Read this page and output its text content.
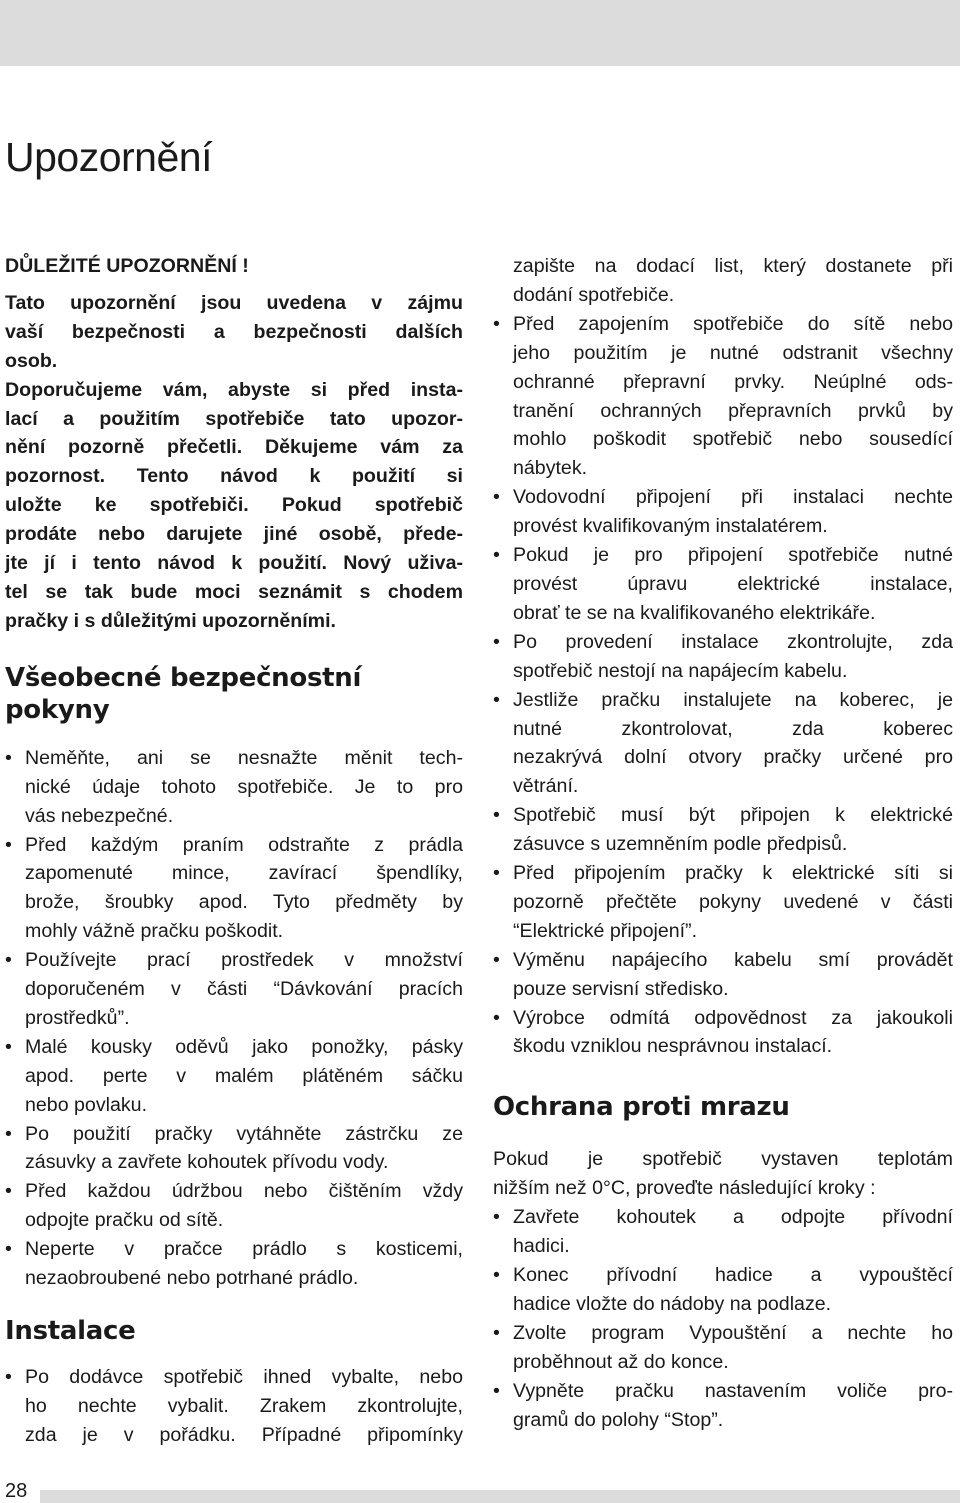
Upozornění
DŮLEŽITÉ UPOZORNĚNÍ !
Tato upozornění jsou uvedena v zájmu
vaší bezpečnosti a bezpečnosti dalších
osob.
Doporučujeme vám, abyste si před insta-
lací a použitím spotřebiče tato upozor-
nění pozorně přečetli. Děkujeme vám za
pozornost. Tento návod k použití si
uložte ke spotřebiči. Pokud spotřebič
prodáte nebo darujete jiné osobě, přede-
jte jí i tento návod k použití. Nový uživa-
tel se tak bude moci seznámit s chodem
pračky i s důležitými upozorněními.
Všeobecné bezpečnostní pokyny
• Neměňte, ani se nesnažte měnit tech-
nické údaje tohoto spotřebiče. Je to pro
vás nebezpečné.
• Před každým praním odstraňte z prádla
zapomenuté mince, zavírací špendlíky,
brože, šroubky apod. Tyto předměty by
mohly vážně pračku poškodit.
• Používejte prací prostředek v množství
doporučeném v části “Dávkování pracích
prostředků”.
• Malé kousky oděvů jako ponožky, pásky
apod. perte v malém plátěném sáčku
nebo povlaku.
• Po použití pračky vytáhněte zástrčku ze
zásuvky a zavřete kohoutek přívodu vody.
• Před každou údržbou nebo čištěním vždy
odpojte pračku od sítě.
• Neperte v pračce prádlo s kosticemi,
nezaobroubené nebo potrhané prádlo.
Instalace
• Po dodávce spotřebič ihned vybalte, nebo
ho nechte vybalit. Zrakem zkontrolujte,
zda je v pořádku. Případné připomínky
zapište na dodací list, který dostanete při
dodání spotřebiče.
• Před zapojením spotřebiče do sítě nebo
jeho použitím je nutné odstranit všechny
ochranné přepravní prvky. Neúplné ods-
tranění ochranných přepravních prvků by
mohlo poškodit spotřebič nebo sousedící
nábytek.
• Vodovodní připojení při instalaci nechte
provést kvalifikovaným instalatérem.
• Pokud je pro připojení spotřebiče nutné
provést úpravu elektrické instalace,
obrať te se na kvalifikovaného elektrikáře.
• Po provedení instalace zkontrolujte, zda
spotřebič nestojí na napájecím kabelu.
• Jestliže pračku instalujete na koberec, je
nutné zkontrolovat, zda koberec
nezakrývá dolní otvory pračky určené pro
větrání.
• Spotřebič musí být připojen k elektrické
zásuvce s uzemněním podle předpisů.
• Před připojením pračky k elektrické síti si
pozorně přečtěte pokyny uvedené v části
“Elektrické připojení”.
• Výměnu napájecího kabelu smí provádět
pouze servisní středisko.
• Výrobce odmítá odpovědnost za jakoukoli
škodu vzniklou nesprávnou instalací.
Ochrana proti mrazu
Pokud je spotřebič vystaven teplotám
nižším než 0°C, proveďte následující kroky :
• Zavřete kohoutek a odpojte přívodní
hadici.
• Konec přívodní hadice a vypouštěcí
hadice vložte do nádoby na podlaze.
• Zvolte program Vypouštění a nechte ho
proběhnout až do konce.
• Vypněte pračku nastavením voliče pro-
gramů do polohy “Stop”.
28
